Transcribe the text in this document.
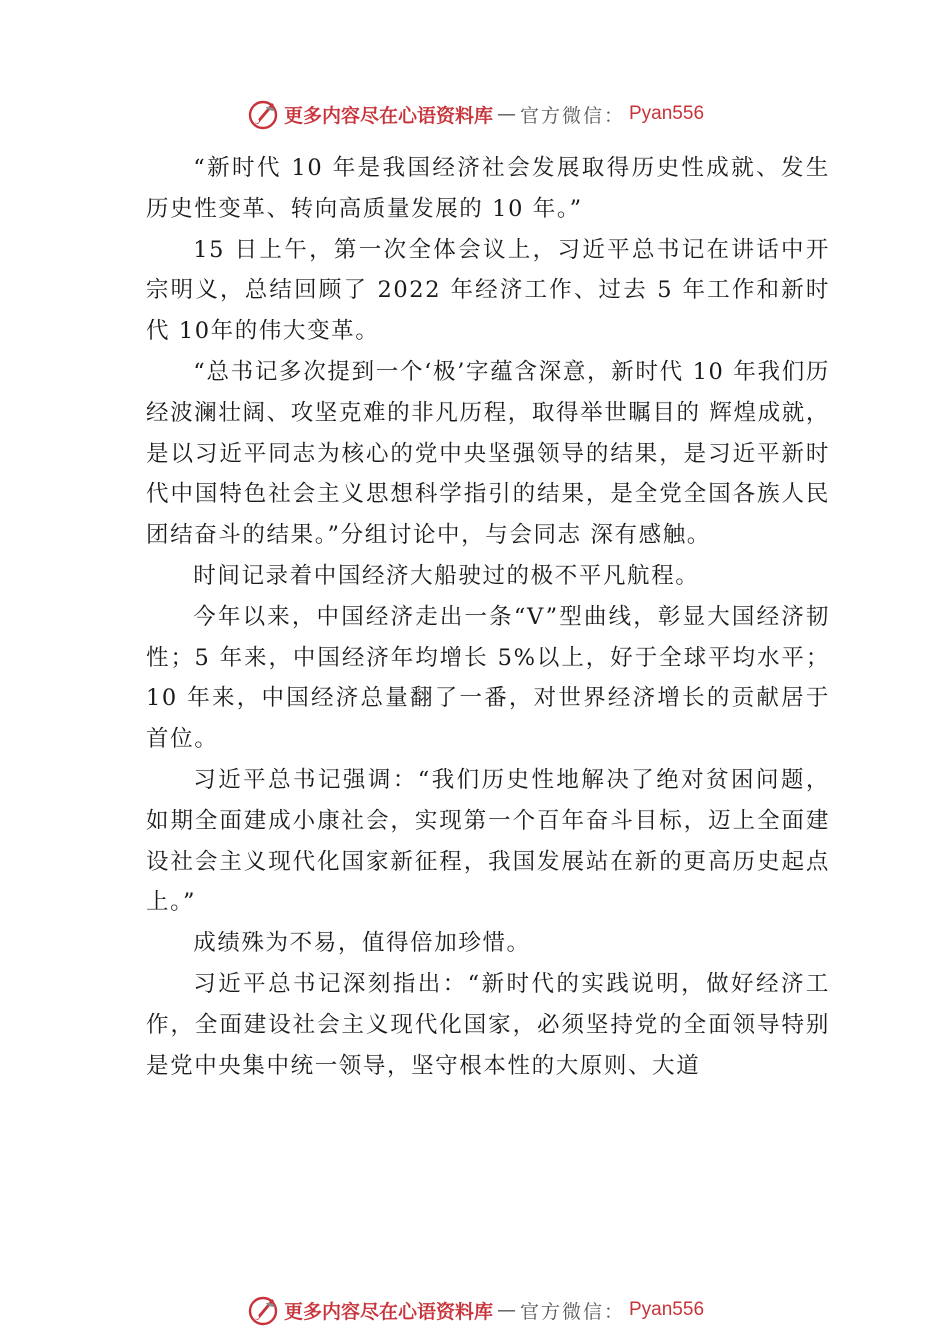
更多内容尽在心语资料库 — 官方微信： Pyan556

“新时代 10 年是我国经济社会发展取得历史性成就、发生历史性变革、转向高质量发展的 10 年。”

15 日上午，第一次全体会议上，习近平总书记在讲话中开宗明义，总结回顾了 2022 年经济工作、过去 5 年工作和新时代 10年的伟大变革。

“总书记多次提到一个‘极’字蕴含深意，新时代 10 年我们历经波澜壮阔、攻坚克难的非凡历程，取得举世瞩目的 辉煌成就，是以习近平同志为核心的党中央坚强领导的结果，是习近平新时代中国特色社会主义思想科学指引的结果，是全党全国各族人民团结奋斗的结果。”分组讨论中，与会同志 深有感触。

时间记录着中国经济大船驶过的极不平凡航程。

今年以来，中国经济走出一条“V”型曲线，彰显大国经济韧性；5 年来，中国经济年均增长 5%以上，好于全球平均水平；10 年来，中国经济总量翻了一番，对世界经济增长的贡献居于首位。

习近平总书记强调：“我们历史性地解决了绝对贫困问题，如期全面建成小康社会，实现第一个百年奋斗目标，迈上全面建设社会主义现代化国家新征程，我国发展站在新的更高历史起点上。”

成绩殊为不易，值得倍加珍惜。

习近平总书记深刻指出：“新时代的实践说明，做好经济工作，全面建设社会主义现代化国家，必须坚持党的全面领导特别是党中央集中统一领导，坚守根本性的大原则、大道

更多内容尽在心语资料库 — 官方微信： Pyan556
